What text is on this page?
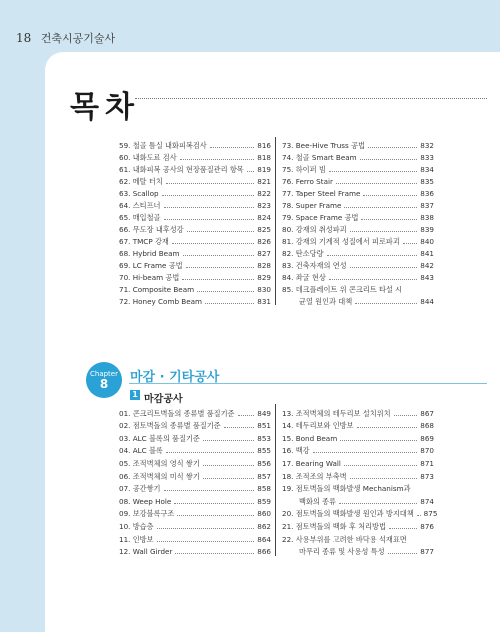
18 건축시공기술사
목차
59. 철골 틈실 내화피복검사	816
60. 내화도료 검사	818
61. 내화피복 공사의 현장품질관리 항목 819
62. 메탈 터치	821
63. Scallop	822
64. 스티프너	823
65. 매입철골	824
66. 무도장 내후성강	825
67. TMCP 강재	826
68. Hybrid Beam	827
69. LC Frame 공법	828
70. Hi-beam 공법	829
71. Composite Beam	830
72. Honey Comb Beam	831
73. Bee-Hive Truss 공법	832
74. 철골 Smart Beam	833
75. 하이퍼 빔	834
76. Ferro Stair	835
77. Taper Steel Frame	836
78. Super Frame	837
79. Space Frame 공법	838
80. 강재의 취성파괴	839
81. 강재의 기계적 성질에서 피로파괴	840
82. 탄소당량	841
83. 건축자재의 연성	842
84. 좌굴 현상	843
85. 데크플레이트 위 콘크리트 타설 시
균열 원인과 대책	844
Chapter
8 마감 · 기타공사
1 마감공사
01. 콘크리트벽돌의 종류별 품질기준	849
02. 점토벽돌의 종류별 품질기준	851
03. ALC 블록의 품질기준	853
04. ALC 블록	855
05. 조적벽체의 영식 쌓기	856
06. 조적벽체의 미식 쌓기	857
07. 공간쌓기	858
08. Weep Hole	859
09. 보강블록구조	860
10. 방습층	862
11. 인방보	864
12. Wall Girder	866
13. 조적벽체의 테두리보 설치위치	867
14. 테두리보와 인방보	868
15. Bond Beam	869
16. 백강	870
17. Bearing Wall	871
18. 조적조의 부축벽	873
19. 점토벽돌의 백화발생 Mechanism과
백화의 종류	874
20. 점토벽돌의 백화발생 원인과 방지대책 875
21. 점토벽돌의 백화 후 처리방법	876
22. 사용부위를 고려한 바닥용 석재표면
마무리 종류 및 사용성 특성	877
